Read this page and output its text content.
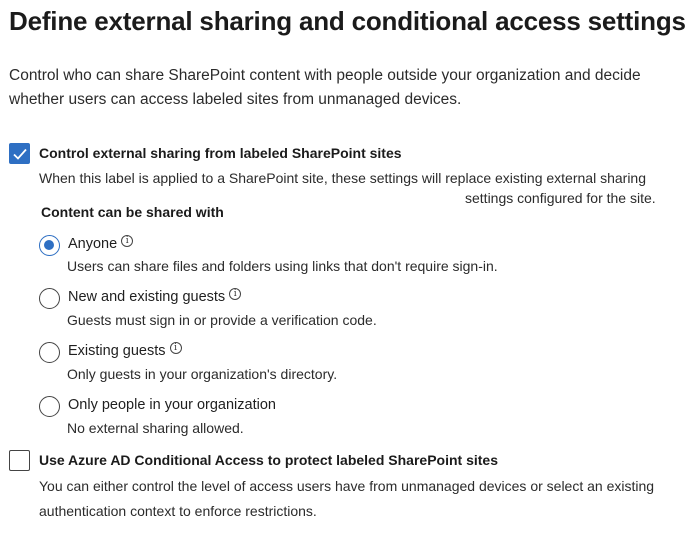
Define external sharing and conditional access settings

Control who can share SharePoint content with people outside your organization and decide whether users can access labeled sites from unmanaged devices.

Control external sharing from labeled SharePoint sites
When this label is applied to a SharePoint site, these settings will replace existing external sharing
settings configured for the site.
Content can be shared with
Anyone i
Users can share files and folders using links that don't require sign-in.
New and existing guests i
Guests must sign in or provide a verification code.
Existing guests i
Only guests in your organization's directory.
Only people in your organization
No external sharing allowed.
Use Azure AD Conditional Access to protect labeled SharePoint sites
You can either control the level of access users have from unmanaged devices or select an existing authentication context to enforce restrictions.
